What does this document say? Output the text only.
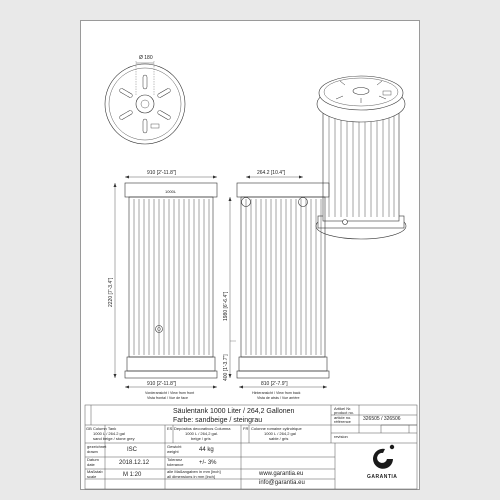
Ø 180
910 [2'-11.8"]
1000L
2220 [7'-3.4"]
910 [2'-11.8"]
Vorderansicht / View from front
Vista frontal / Vue de face
264.2 [10.4"]
1980 [6'-6.4"]
400 [1'-3.7"]
810 [2'-7.9"]
Hinteransicht / View from back
Vista de atrás / Vue arrière
Säulentank 1000 Liter / 264,2 Gallonen
Farbe: sandbeige / steingrau
Artikel Nr.
product no.
article no.
référence 326505 / 326506
revision
GB Column Tank
1000 L / 264.2 gal
sand beige / stone grey
ES Depósitos decorativos Columna
1000 L / 264,2 gal.
beige / gris
FR Colonne romaine cylindrique
1000 L / 264,2 gal
sable / gris
gezeichnet
drawn	ISC
Gewicht
weight	44 kg
Datum
date	2018.12.12
Toleranz
tolerance	+/- 3%
Maßstab
scale	M 1:20
alle Maßangaben in mm [inch]
all dimensions in mm [inch]	www.garantia.eu
info@garantia.eu
GARANTIA
